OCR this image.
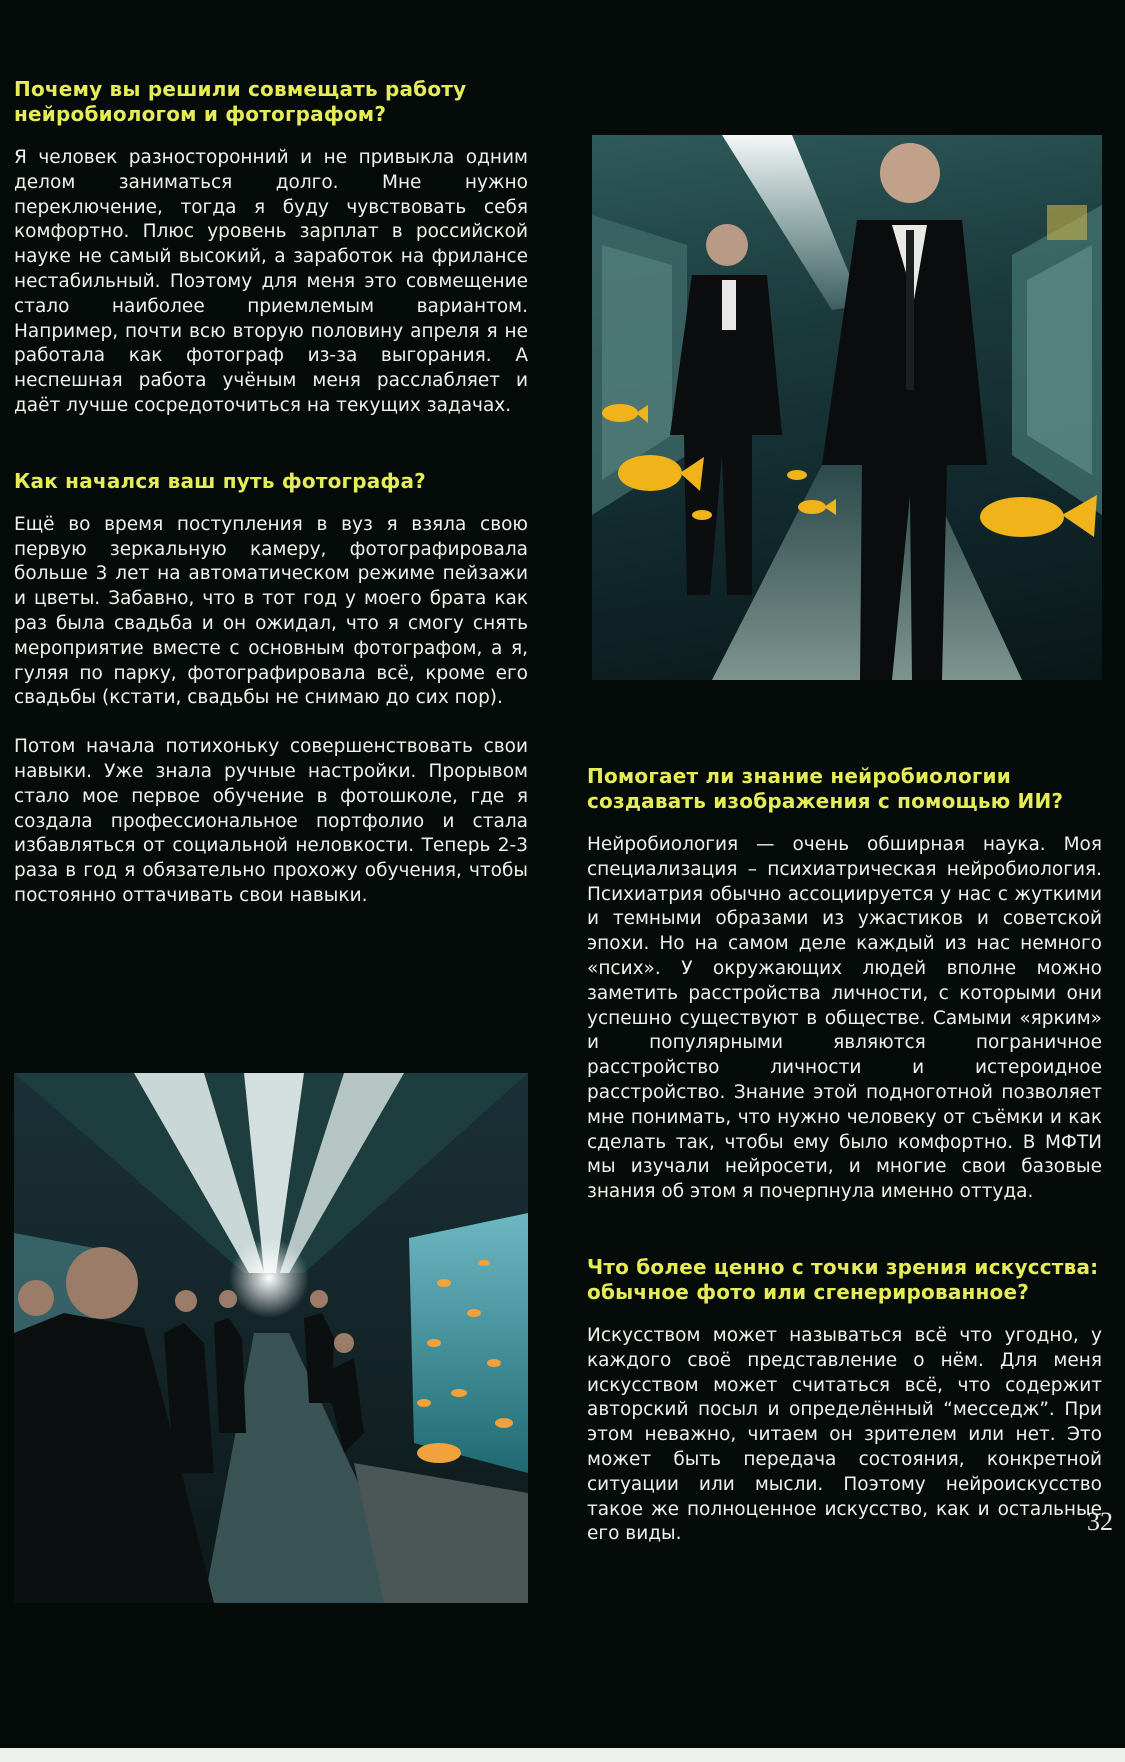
Почему вы решили совмещать работу нейробиологом и фотографом?

Я человек разносторонний и не привыкла одним делом заниматься долго. Мне нужно переключение, тогда я буду чувствовать себя комфортно. Плюс уровень зарплат в российской науке не самый высокий, а заработок на фрилансе нестабильный. Поэтому для меня это совмещение стало наиболее приемлемым вариантом. Например, почти всю вторую половину апреля я не работала как фотограф из-за выгорания. А неспешная работа учёным меня расслабляет и даёт лучше сосредоточиться на текущих задачах.

Как начался ваш путь фотографа?

Ещё во время поступления в вуз я взяла свою первую зеркальную камеру, фотографировала больше 3 лет на автоматическом режиме пейзажи и цветы. Забавно, что в тот год у моего брата как раз была свадьба и он ожидал, что я смогу снять мероприятие вместе с основным фотографом, а я, гуляя по парку, фотографировала всё, кроме его свадьбы (кстати, свадьбы не снимаю до сих пор).

Потом начала потихоньку совершенствовать свои навыки. Уже знала ручные настройки. Прорывом стало мое первое обучение в фотошколе, где я создала профессиональное портфолио и стала избавляться от социальной неловкости. Теперь 2-3 раза в год я обязательно прохожу обучения, чтобы постоянно оттачивать свои навыки.

Помогает ли знание нейробиологии создавать изображения с помощью ИИ?

Нейробиология — очень обширная наука. Моя специализация – психиатрическая нейробиология. Психиатрия обычно ассоциируется у нас с жуткими и темными образами из ужастиков и советской эпохи. Но на самом деле каждый из нас немного «псих». У окружающих людей вполне можно заметить расстройства личности, с которыми они успешно существуют в обществе. Самыми «ярким» и популярными являются пограничное расстройство личности и истероидное расстройство. Знание этой подноготной позволяет мне понимать, что нужно человеку от съёмки и как сделать так, чтобы ему было комфортно. В МФТИ мы изучали нейросети, и многие свои базовые знания об этом я почерпнула именно оттуда.

Что более ценно с точки зрения искусства: обычное фото или сгенерированное?

Искусством может называться всё что угодно, у каждого своё представление о нём. Для меня искусством может считаться всё, что содержит авторский посыл и определённый “месседж”. При этом неважно, читаем он зрителем или нет. Это может быть передача состояния, конкретной ситуации или мысли. Поэтому нейроискусство такое же полноценное искусство, как и остальные его виды.	32
